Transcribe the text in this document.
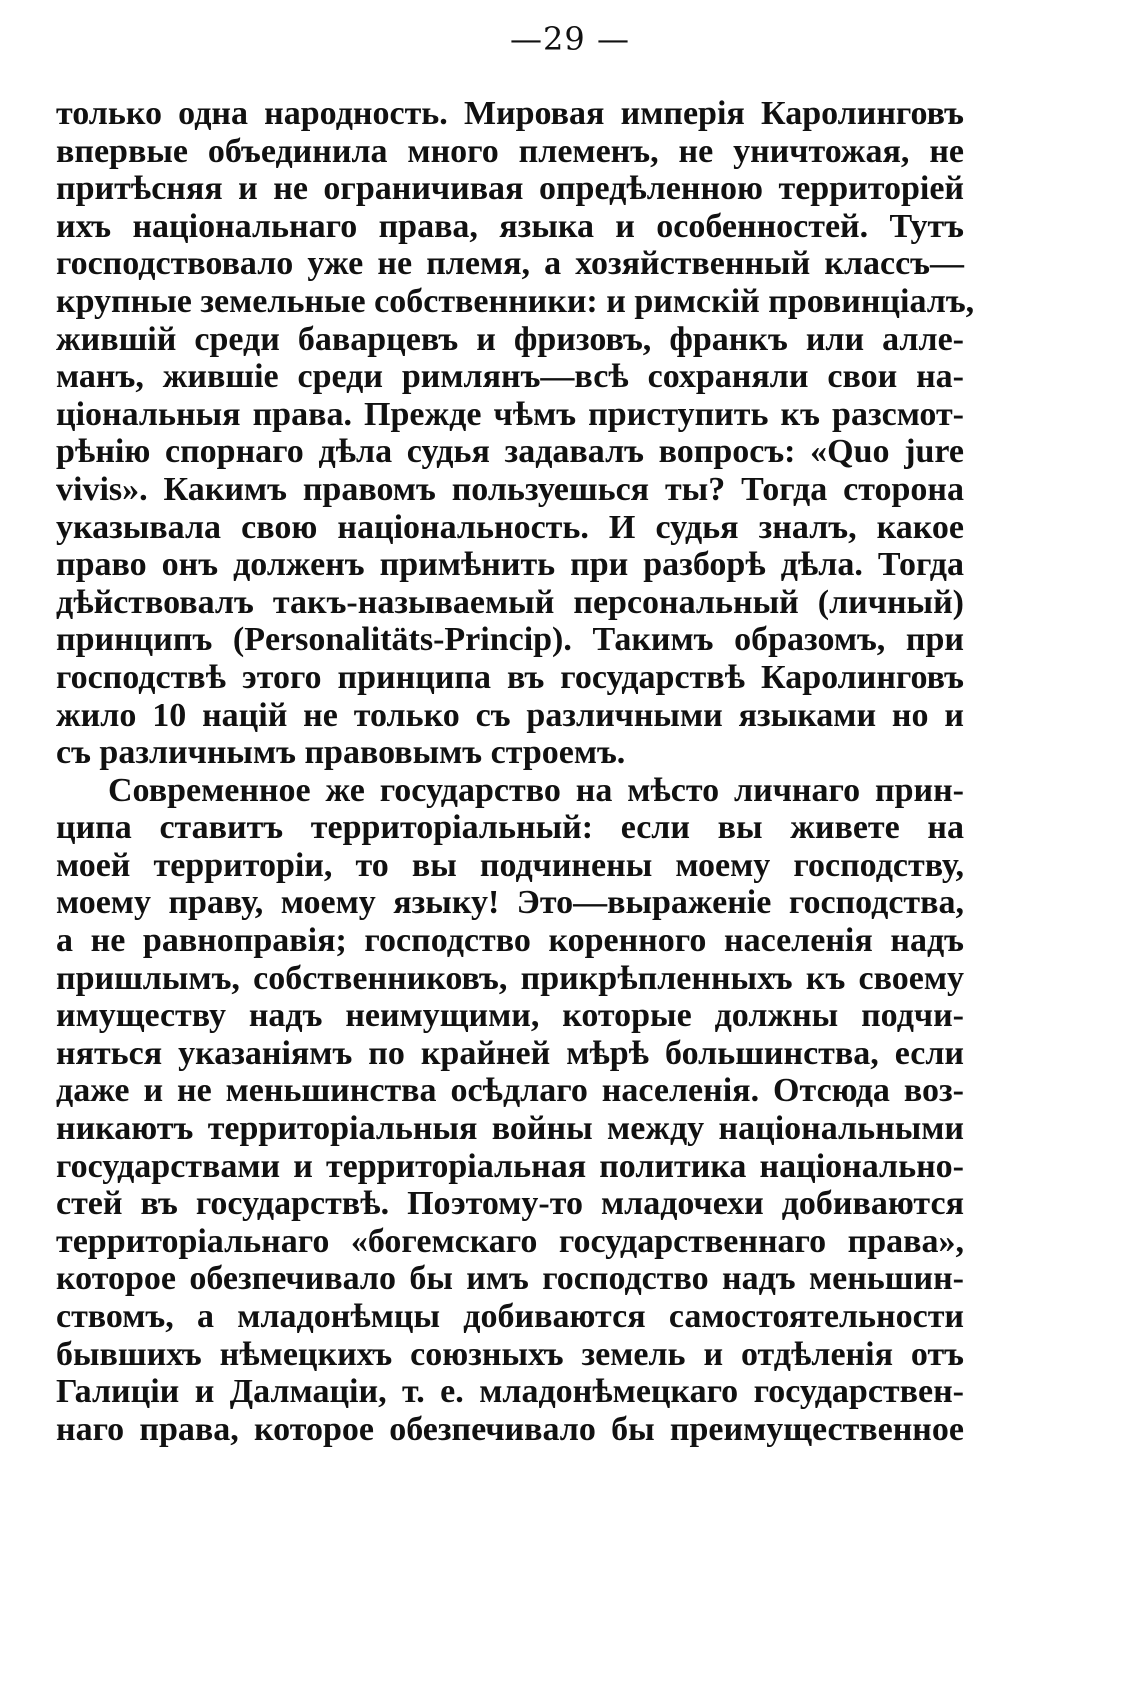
—29 —
только одна народность. Мировая имперія Каролинговъ
впервые объединила много племенъ, не уничтожая, не
притѣсняя и не ограничивая опредѣленною территоріей
ихъ національнаго права, языка и особенностей. Тутъ
господствовало уже не племя, а хозяйственный классъ—
крупные земельные собственники: и римскій провинціалъ,
жившій среди баварцевъ и фризовъ, франкъ или алле-
манъ, жившіе среди римлянъ—всѣ сохраняли свои на-
ціональныя права. Прежде чѣмъ приступить къ разсмот-
рѣнію спорнаго дѣла судья задавалъ вопросъ: «Quo jure
vivis». Какимъ правомъ пользуешься ты? Тогда сторона
указывала свою національность. И судья зналъ, какое
право онъ долженъ примѣнить при разборѣ дѣла. Тогда
дѣйствовалъ такъ-называемый персональный (личный)
принципъ (Personalitäts-Princip). Такимъ образомъ, при
господствѣ этого принципа въ государствѣ Каролинговъ
жило 10 націй не только съ различными языками но и
съ различнымъ правовымъ строемъ.
Современное же государство на мѣсто личнаго прин-
ципа ставитъ территоріальный: если вы живете на
моей территоріи, то вы подчинены моему господству,
моему праву, моему языку! Это—выраженіе господства,
а не равноправія; господство коренного населенія надъ
пришлымъ, собственниковъ, прикрѣпленныхъ къ своему
имуществу надъ неимущими, которые должны подчи-
няться указаніямъ по крайней мѣрѣ большинства, если
даже и не меньшинства осѣдлаго населенія. Отсюда воз-
никаютъ территоріальныя войны между національными
государствами и территоріальная политика національно-
стей въ государствѣ. Поэтому-то младочехи добиваются
территоріальнаго «богемскаго государственнаго права»,
которое обезпечивало бы имъ господство надъ меньшин-
ствомъ, а младонѣмцы добиваются самостоятельности
бывшихъ нѣмецкихъ союзныхъ земель и отдѣленія отъ
Галиціи и Далмаціи, т. е. младонѣмецкаго государствен-
наго права, которое обезпечивало бы преимущественное
